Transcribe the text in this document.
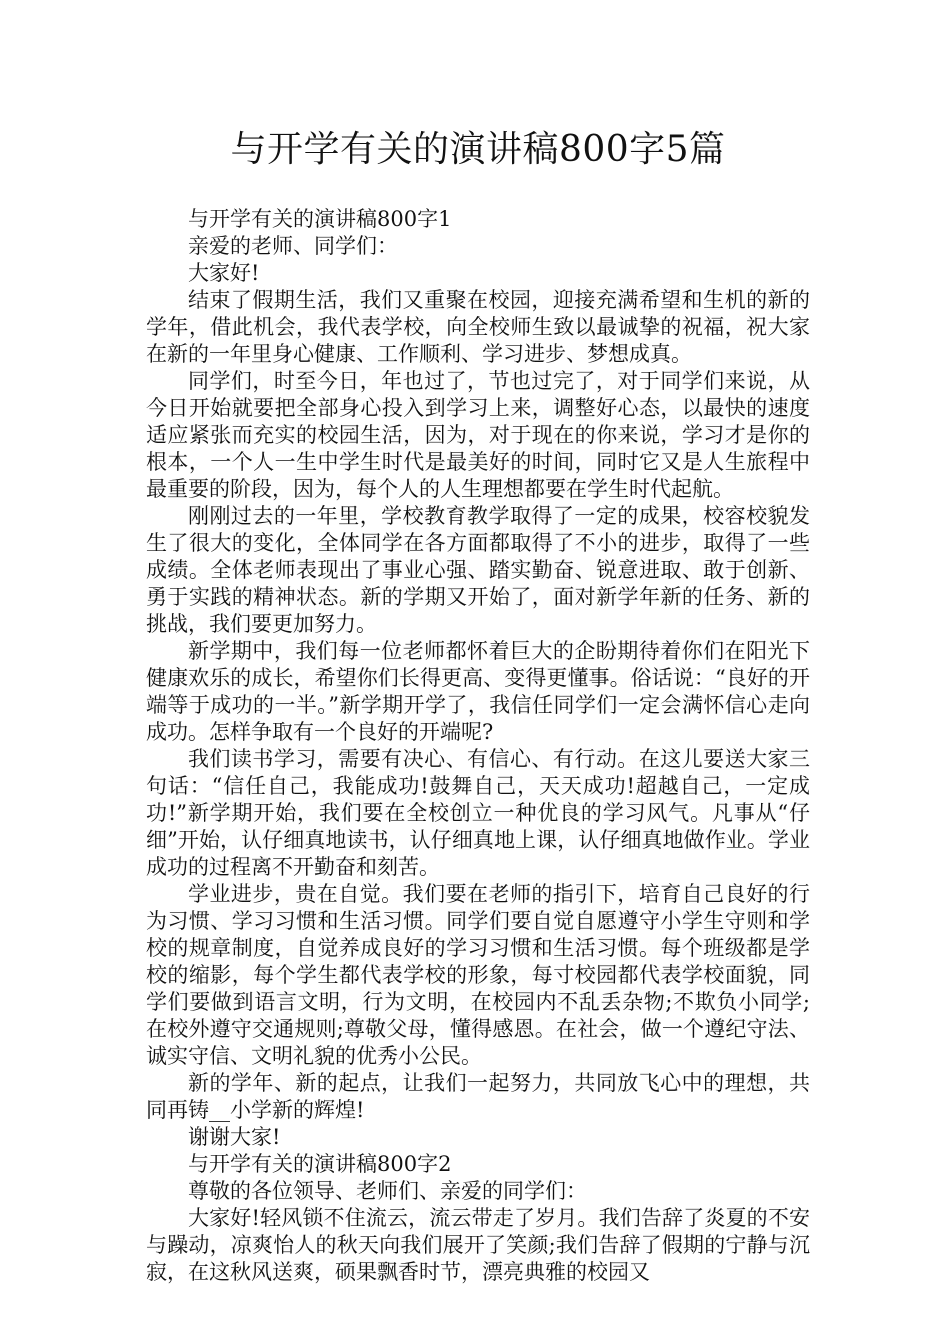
与开学有关的演讲稿800字5篇

与开学有关的演讲稿800字1

亲爱的老师、同学们：

大家好!

结束了假期生活，我们又重聚在校园，迎接充满希望和生机的新的学年，借此机会，我代表学校，向全校师生致以最诚挚的祝福，祝大家在新的一年里身心健康、工作顺利、学习进步、梦想成真。

同学们，时至今日，年也过了，节也过完了，对于同学们来说，从今日开始就要把全部身心投入到学习上来，调整好心态，以最快的速度适应紧张而充实的校园生活，因为，对于现在的你来说，学习才是你的根本，一个人一生中学生时代是最美好的时间，同时它又是人生旅程中最重要的阶段，因为，每个人的人生理想都要在学生时代起航。

刚刚过去的一年里，学校教育教学取得了一定的成果，校容校貌发生了很大的变化，全体同学在各方面都取得了不小的进步，取得了一些成绩。全体老师表现出了事业心强、踏实勤奋、锐意进取、敢于创新、勇于实践的精神状态。新的学期又开始了，面对新学年新的任务、新的挑战，我们要更加努力。

新学期中，我们每一位老师都怀着巨大的企盼期待着你们在阳光下健康欢乐的成长，希望你们长得更高、变得更懂事。俗话说：“良好的开端等于成功的一半。”新学期开学了，我信任同学们一定会满怀信心走向成功。怎样争取有一个良好的开端呢?

我们读书学习，需要有决心、有信心、有行动。在这儿要送大家三句话：“信任自己，我能成功!鼓舞自己，天天成功!超越自己，一定成功!”新学期开始，我们要在全校创立一种优良的学习风气。凡事从“仔细”开始，认仔细真地读书，认仔细真地上课，认仔细真地做作业。学业成功的过程离不开勤奋和刻苦。

学业进步，贵在自觉。我们要在老师的指引下，培育自己良好的行为习惯、学习习惯和生活习惯。同学们要自觉自愿遵守小学生守则和学校的规章制度，自觉养成良好的学习习惯和生活习惯。每个班级都是学校的缩影，每个学生都代表学校的形象，每寸校园都代表学校面貌，同学们要做到语言文明，行为文明，在校园内不乱丢杂物;不欺负小同学;在校外遵守交通规则;尊敬父母，懂得感恩。在社会，做一个遵纪守法、诚实守信、文明礼貌的优秀小公民。

新的学年、新的起点，让我们一起努力，共同放飞心中的理想，共同再铸__小学新的辉煌!

谢谢大家!

与开学有关的演讲稿800字2

尊敬的各位领导、老师们、亲爱的同学们：

大家好!轻风锁不住流云，流云带走了岁月。我们告辞了炎夏的不安与躁动，凉爽怡人的秋天向我们展开了笑颜;我们告辞了假期的宁静与沉寂，在这秋风送爽，硕果飘香时节，漂亮典雅的校园又
